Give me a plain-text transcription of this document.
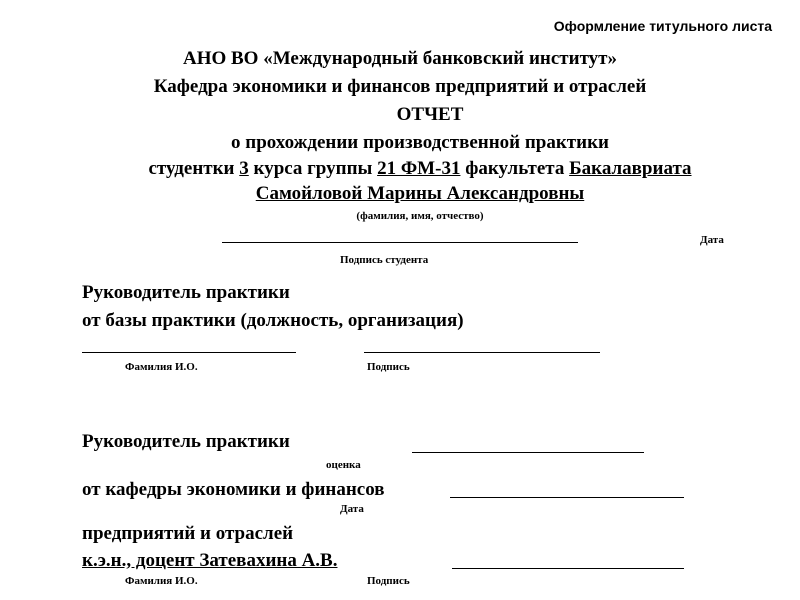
Оформление титульного листа
АНО ВО «Международный банковский институт»
Кафедра экономики и финансов предприятий и отраслей
ОТЧЕТ
о прохождении производственной практики
студентки 3 курса группы 21 ФМ-31 факультета Бакалавриата
Самойловой Марины Александровны
(фамилия, имя, отчество)
Дата
Подпись студента
Руководитель практики
от базы практики (должность, организация)
Фамилия И.О.	Подпись
Руководитель практики
оценка
от кафедры экономики и финансов
Дата
предприятий и отраслей
к.э.н., доцент Затевахина А.В.
Фамилия И.О.	Подпись
